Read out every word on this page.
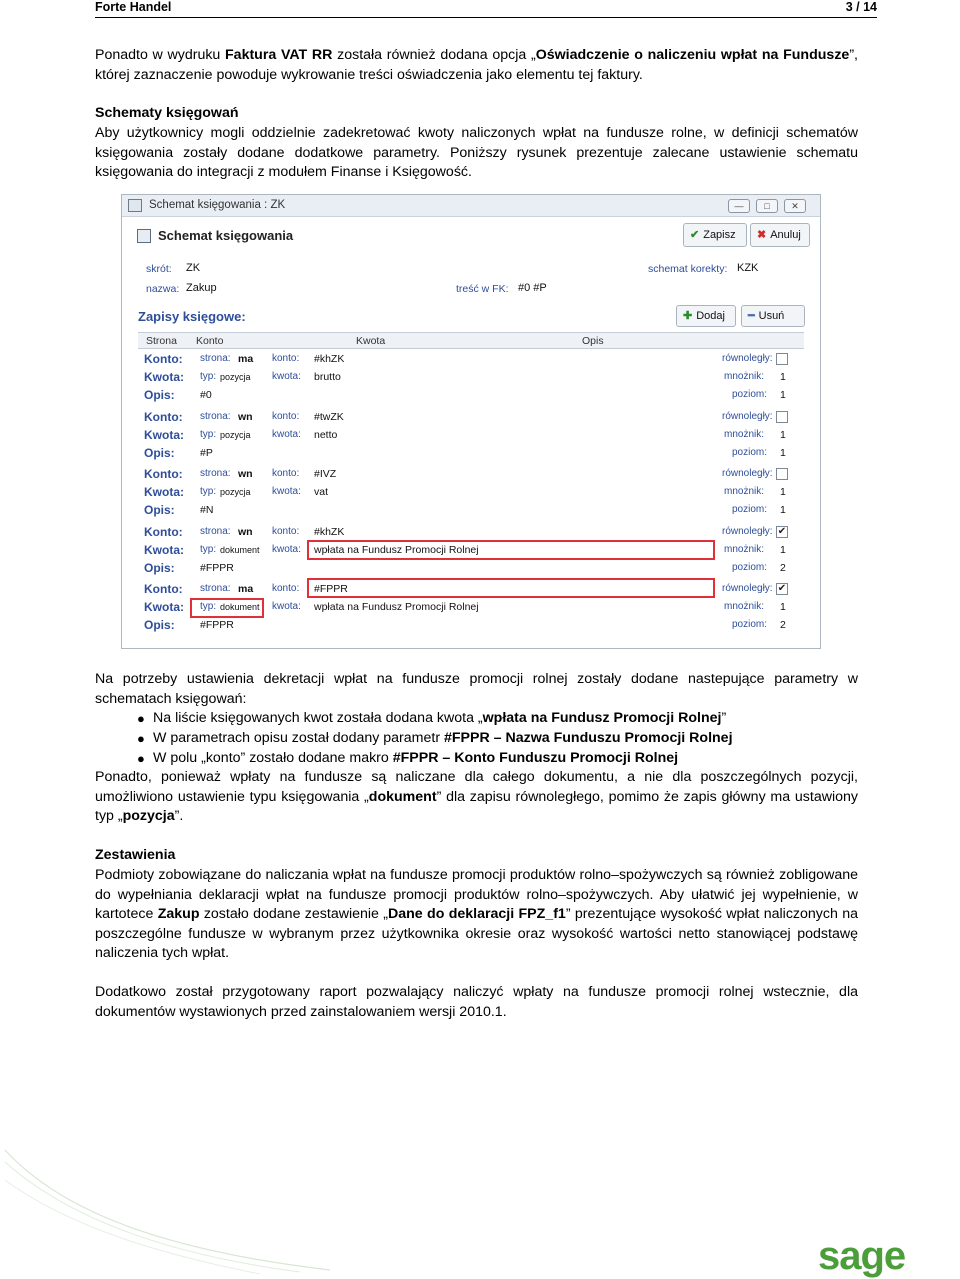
Forte Handel	3 / 14
Ponadto w wydruku Faktura VAT RR została również dodana opcja „Oświadczenie o naliczeniu wpłat na Fundusze”, której zaznaczenie powoduje wykrowanie treści oświadczenia jako elementu tej faktury.
Schematy księgowań
Aby użytkownicy mogli oddzielnie zadekretować kwoty naliczonych wpłat na fundusze rolne, w definicji schematów księgowania zostały dodane dodatkowe parametry. Poniższy rysunek prezentuje zalecane ustawienie schematu księgowania do integracji z modułem Finanse i Księgowość.
Schemat księgowania : ZK	—	□	✕
Schemat księgowania	✔ Zapisz	✖ Anuluj
skrót: ZK
nazwa: Zakup
schemat korekty: KZK
treść w FK: #0 #P
Zapisy księgowe:	✚ Dodaj	━ Usuń
Strona Konto	Kwota	Opis
Konto: strona: ma konto: #khZK	równoległy:
Kwota: typ: pozycja kwota: brutto	mnożnik: 1
Opis: #0	poziom: 1
Konto: strona: wn konto: #twZK	równoległy:
Kwota: typ: pozycja kwota: netto	mnożnik: 1
Opis: #P	poziom: 1
Konto: strona: wn konto: #IVZ	równoległy:
Kwota: typ: pozycja kwota: vat	mnożnik: 1
Opis: #N	poziom: 1
Konto: strona: wn konto: #khZK	równoległy: ✔
Kwota: typ: dokument kwota: wpłata na Fundusz Promocji Rolnej	mnożnik: 1
Opis: #FPPR	poziom: 2
Konto: strona: ma konto: #FPPR	równoległy: ✔
Kwota: typ: dokument kwota: wpłata na Fundusz Promocji Rolnej	mnożnik: 1
Opis: #FPPR	poziom: 2
Na potrzeby ustawienia dekretacji wpłat na fundusze promocji rolnej zostały dodane nastepujące parametry w schematach księgowań:
● Na liście księgowanych kwot została dodana kwota „wpłata na Fundusz Promocji Rolnej”
● W parametrach opisu został dodany parametr #FPPR – Nazwa Funduszu Promocji Rolnej
● W polu „konto” zostało dodane makro #FPPR – Konto Funduszu Promocji Rolnej
Ponadto, ponieważ wpłaty na fundusze są naliczane dla całego dokumentu, a nie dla poszczególnych pozycji, umożliwiono ustawienie typu księgowania „dokument” dla zapisu równoległego, pomimo że zapis główny ma ustawiony typ „pozycja”.
Zestawienia
Podmioty zobowiązane do naliczania wpłat na fundusze promocji produktów rolno–spożywczych są również zobligowane do wypełniania deklaracji wpłat na fundusze promocji produktów rolno–spożywczych. Aby ułatwić jej wypełnienie, w kartotece Zakup zostało dodane zestawienie „Dane do deklaracji FPZ_f1” prezentujące wysokość wpłat naliczonych na poszczególne fundusze w wybranym przez użytkownika okresie oraz wysokość wartości netto stanowiącej podstawę naliczenia tych wpłat.
Dodatkowo został przygotowany raport pozwalający naliczyć wpłaty na fundusze promocji rolnej wstecznie, dla dokumentów wystawionych przed zainstalowaniem wersji 2010.1.
sage
